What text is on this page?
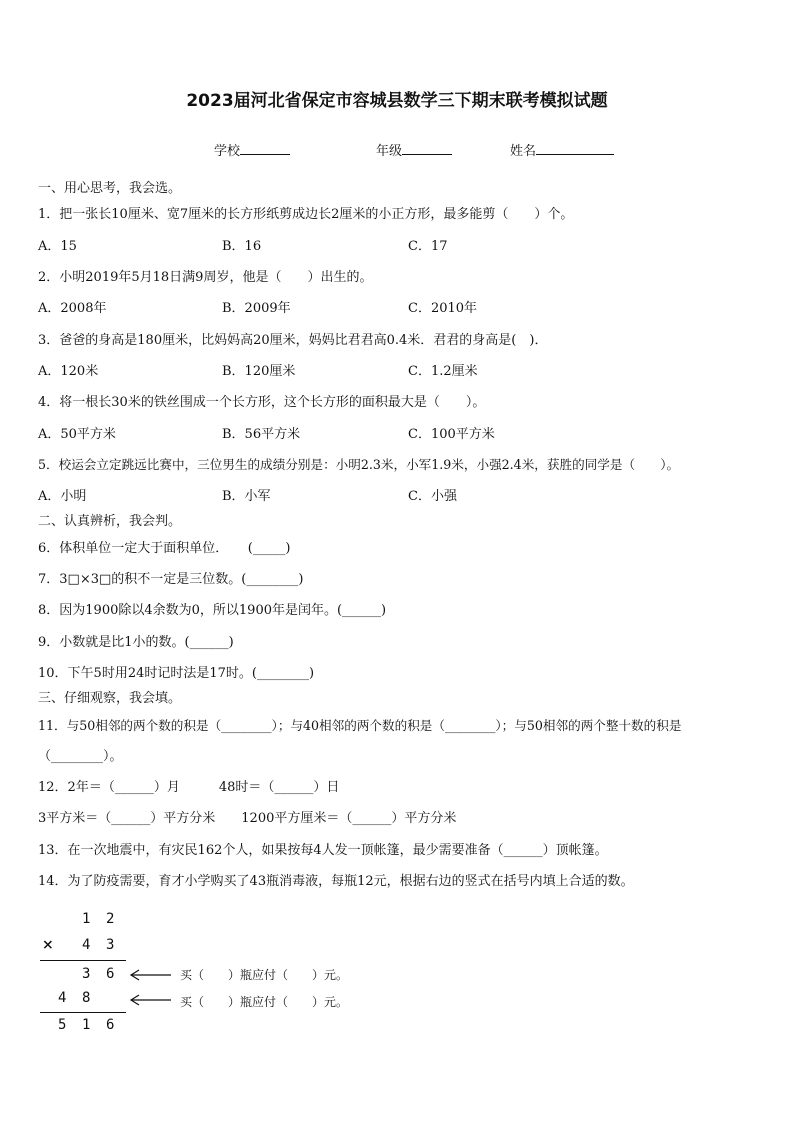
2023届河北省保定市容城县数学三下期末联考模拟试题
学校	年级	姓名
一、用心思考，我会选。
1．把一张长10厘米、宽7厘米的长方形纸剪成边长2厘米的小正方形，最多能剪（　　）个。
A．15	B．16	C．17
2．小明2019年5月18日满9周岁，他是（　　）出生的。
A．2008年	B．2009年	C．2010年
3．爸爸的身高是180厘米，比妈妈高20厘米，妈妈比君君高0.4米．君君的身高是(　)．
A．120米	B．120厘米	C．1.2厘米
4．将一根长30米的铁丝围成一个长方形，这个长方形的面积最大是（　　）。
A．50平方米	B．56平方米	C．100平方米
5．校运会立定跳远比赛中，三位男生的成绩分别是：小明2.3米，小军1.9米，小强2.4米，获胜的同学是（　　）。
A．小明	B．小军	C．小强
二、认真辨析，我会判。
6．体积单位一定大于面积单位．　　(_____)
7．3□×3□的积不一定是三位数。(________)
8．因为1900除以4余数为0，所以1900年是闰年。(______)
9．小数就是比1小的数。(______)
10．下午5时用24时记时法是17时。(________)
三、仔细观察，我会填。
11．与50相邻的两个数的积是（________）；与40相邻的两个数的积是（________）；与50相邻的两个整十数的积是
（________）。
12．2年＝（______）月　　　48时＝（______）日
3平方米＝（______）平方分米　　1200平方厘米＝（______）平方分米
13．在一次地震中，有灾民162个人，如果按每4人发一顶帐篷，最少需要准备（______）顶帐篷。
14．为了防疫需要，育才小学购买了43瓶消毒液，每瓶12元，根据右边的竖式在括号内填上合适的数。
1 2
× 4 3
3 6	买（　　）瓶应付（　　）元。
4 8	买（　　）瓶应付（　　）元。
5 1 6
